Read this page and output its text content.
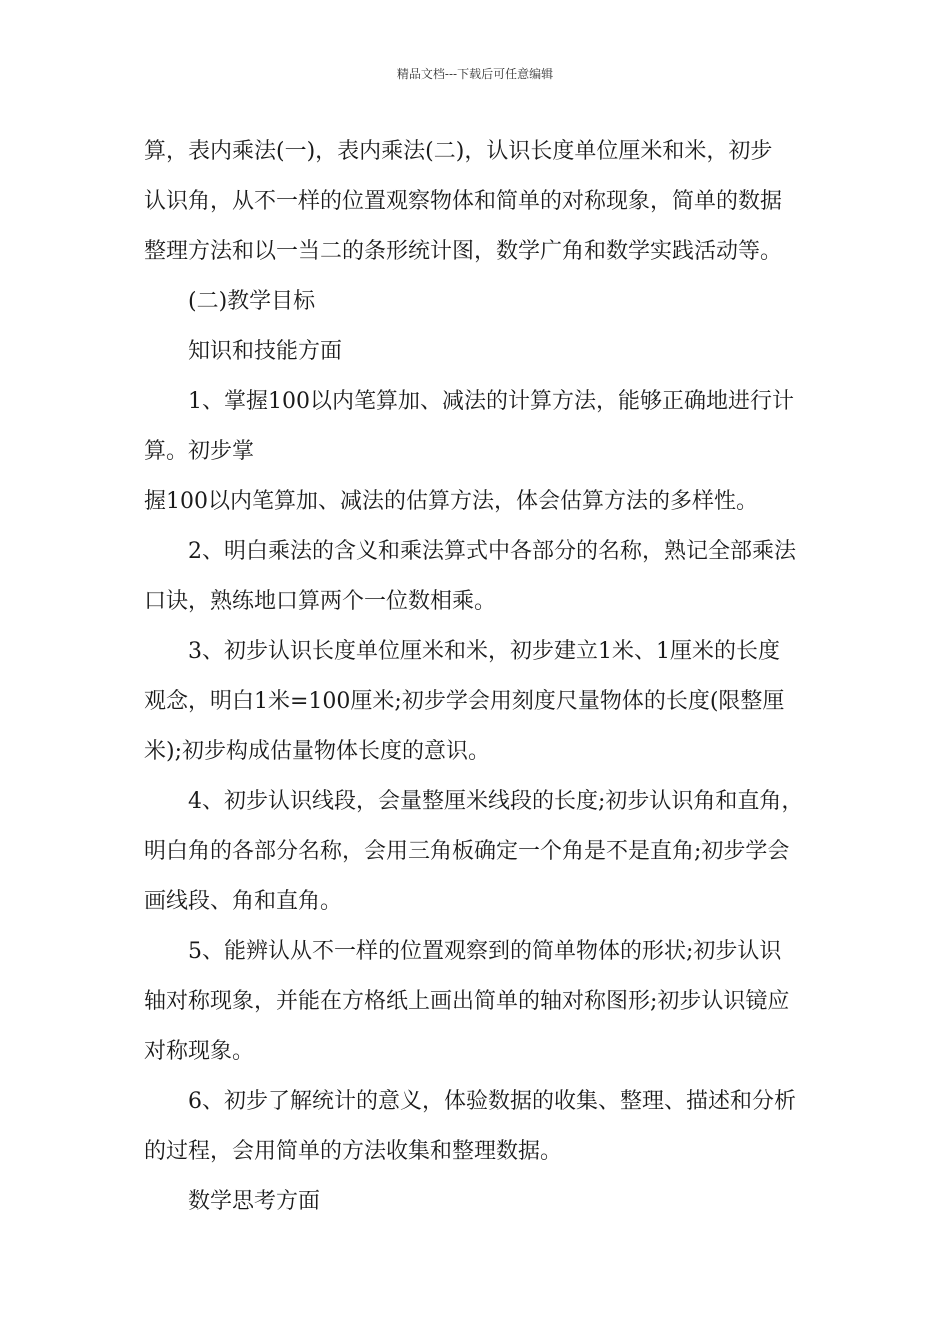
精品文档---下载后可任意编辑
算，表内乘法(一)，表内乘法(二)，认识长度单位厘米和米，初步
认识角，从不一样的位置观察物体和简单的对称现象，简单的数据
整理方法和以一当二的条形统计图，数学广角和数学实践活动等。
(二)教学目标
知识和技能方面
1、掌握100以内笔算加、减法的计算方法，能够正确地进行计
算。初步掌
握100以内笔算加、减法的估算方法，体会估算方法的多样性。
2、明白乘法的含义和乘法算式中各部分的名称，熟记全部乘法
口诀，熟练地口算两个一位数相乘。
3、初步认识长度单位厘米和米，初步建立1米、1厘米的长度
观念，明白1米=100厘米;初步学会用刻度尺量物体的长度(限整厘
米);初步构成估量物体长度的意识。
4、初步认识线段，会量整厘米线段的长度;初步认识角和直角，
明白角的各部分名称，会用三角板确定一个角是不是直角;初步学会
画线段、角和直角。
5、能辨认从不一样的位置观察到的简单物体的形状;初步认识
轴对称现象，并能在方格纸上画出简单的轴对称图形;初步认识镜应
对称现象。
6、初步了解统计的意义，体验数据的收集、整理、描述和分析
的过程，会用简单的方法收集和整理数据。
数学思考方面
